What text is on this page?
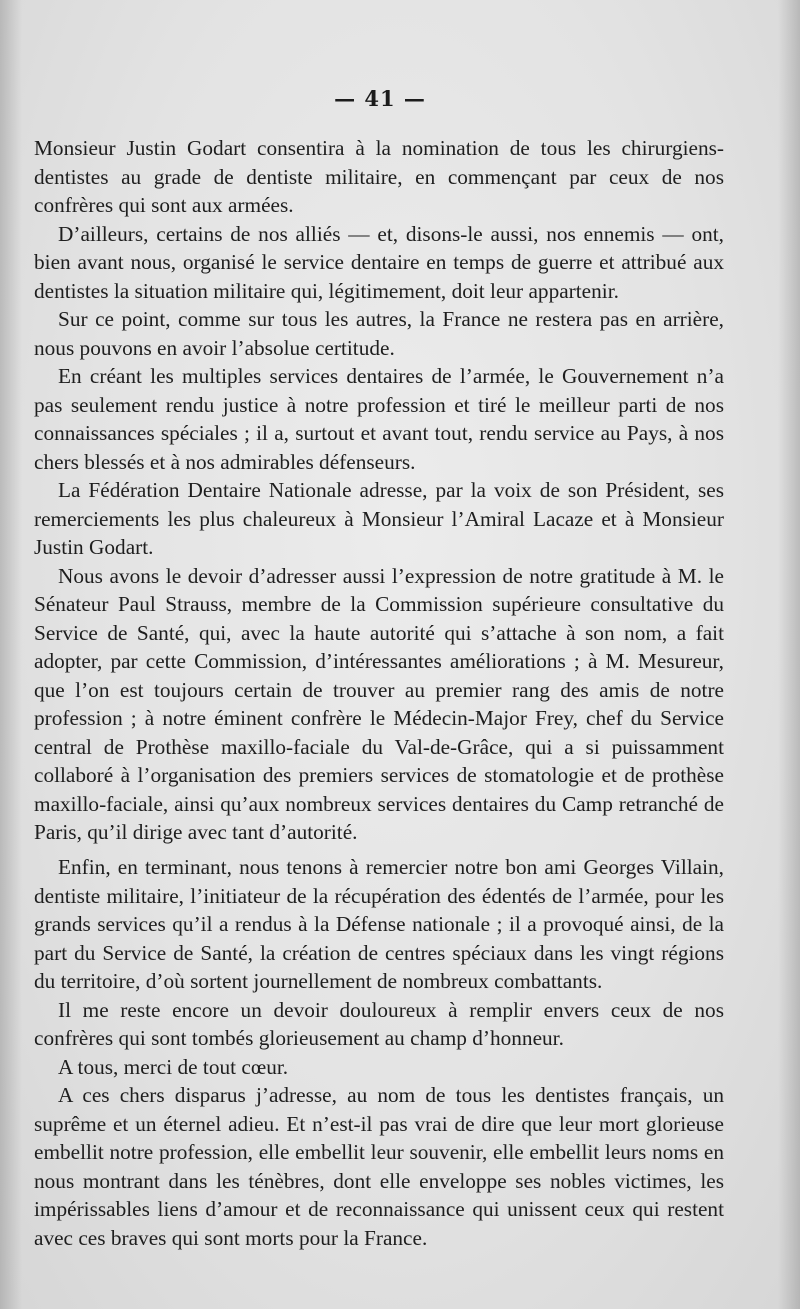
— 41 —

Monsieur Justin Godart consentira à la nomination de tous les chirurgiens-dentistes au grade de dentiste militaire, en commençant par ceux de nos confrères qui sont aux armées.

D’ailleurs, certains de nos alliés — et, disons-le aussi, nos ennemis — ont, bien avant nous, organisé le service dentaire en temps de guerre et attribué aux dentistes la situation militaire qui, légitimement, doit leur appartenir.

Sur ce point, comme sur tous les autres, la France ne restera pas en arrière, nous pouvons en avoir l’absolue certitude.

En créant les multiples services dentaires de l’armée, le Gouvernement n’a pas seulement rendu justice à notre profession et tiré le meilleur parti de nos connaissances spéciales ; il a, surtout et avant tout, rendu service au Pays, à nos chers blessés et à nos admirables défenseurs.

La Fédération Dentaire Nationale adresse, par la voix de son Président, ses remerciements les plus chaleureux à Monsieur l’Amiral Lacaze et à Monsieur Justin Godart.

Nous avons le devoir d’adresser aussi l’expression de notre gratitude à M. le Sénateur Paul Strauss, membre de la Commission supérieure consultative du Service de Santé, qui, avec la haute autorité qui s’attache à son nom, a fait adopter, par cette Commission, d’intéressantes améliorations ; à M. Mesureur, que l’on est toujours certain de trouver au premier rang des amis de notre profession ; à notre éminent confrère le Médecin-Major Frey, chef du Service central de Prothèse maxillo-faciale du Val-de-Grâce, qui a si puissamment collaboré à l’organisation des premiers services de stomatologie et de prothèse maxillo-faciale, ainsi qu’aux nombreux services dentaires du Camp retranché de Paris, qu’il dirige avec tant d’autorité.

Enfin, en terminant, nous tenons à remercier notre bon ami Georges Villain, dentiste militaire, l’initiateur de la récupération des édentés de l’armée, pour les grands services qu’il a rendus à la Défense nationale ; il a provoqué ainsi, de la part du Service de Santé, la création de centres spéciaux dans les vingt régions du territoire, d’où sortent journellement de nombreux combattants.

Il me reste encore un devoir douloureux à remplir envers ceux de nos confrères qui sont tombés glorieusement au champ d’honneur.

A tous, merci de tout cœur.

A ces chers disparus j’adresse, au nom de tous les dentistes français, un suprême et un éternel adieu. Et n’est-il pas vrai de dire que leur mort glorieuse embellit notre profession, elle embellit leur souvenir, elle embellit leurs noms en nous montrant dans les ténèbres, dont elle enveloppe ses nobles victimes, les impérissables liens d’amour et de reconnaissance qui unissent ceux qui restent avec ces braves qui sont morts pour la France.
